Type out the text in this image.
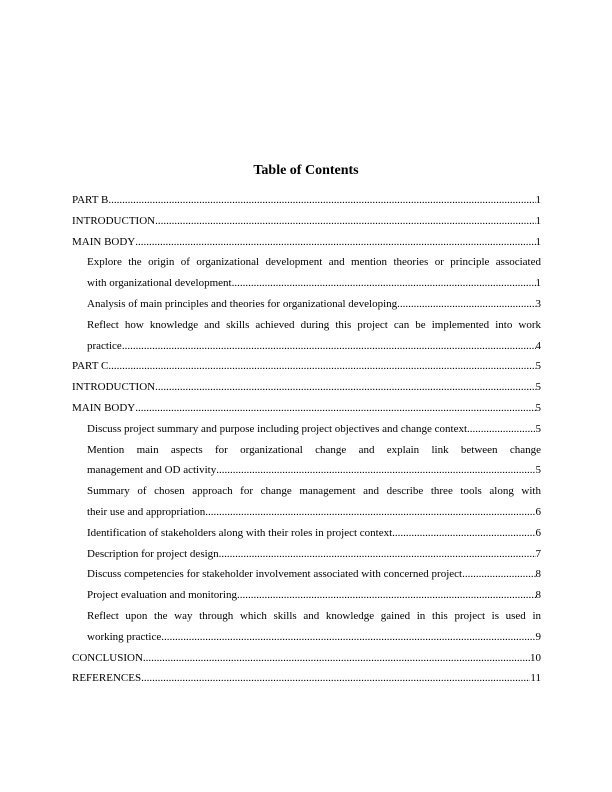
Table of Contents
PART B .....	1
INTRODUCTION .....	1
MAIN BODY .....	1
Explore the origin of organizational development and mention theories or principle associated
with organizational development .....	1
Analysis of main principles and theories for organizational developing .....	3
Reflect how knowledge and skills achieved during this project can be implemented into work
practice .....	4
PART C .....	5
INTRODUCTION .....	5
MAIN BODY .....	5
Discuss project summary and purpose including project objectives and change context .....	5
Mention main aspects for organizational change and explain link between change
management and OD activity .....	5
Summary of chosen approach for change management and describe three tools along with
their use and appropriation .....	6
Identification of stakeholders along with their roles in project context .....	6
Description for project design .....	7
Discuss competencies for stakeholder involvement associated with concerned project .....	8
Project evaluation and monitoring .....	8
Reflect upon the way through which skills and knowledge gained in this project is used in
working practice .....	9
CONCLUSION .....	10
REFERENCES .....	11
